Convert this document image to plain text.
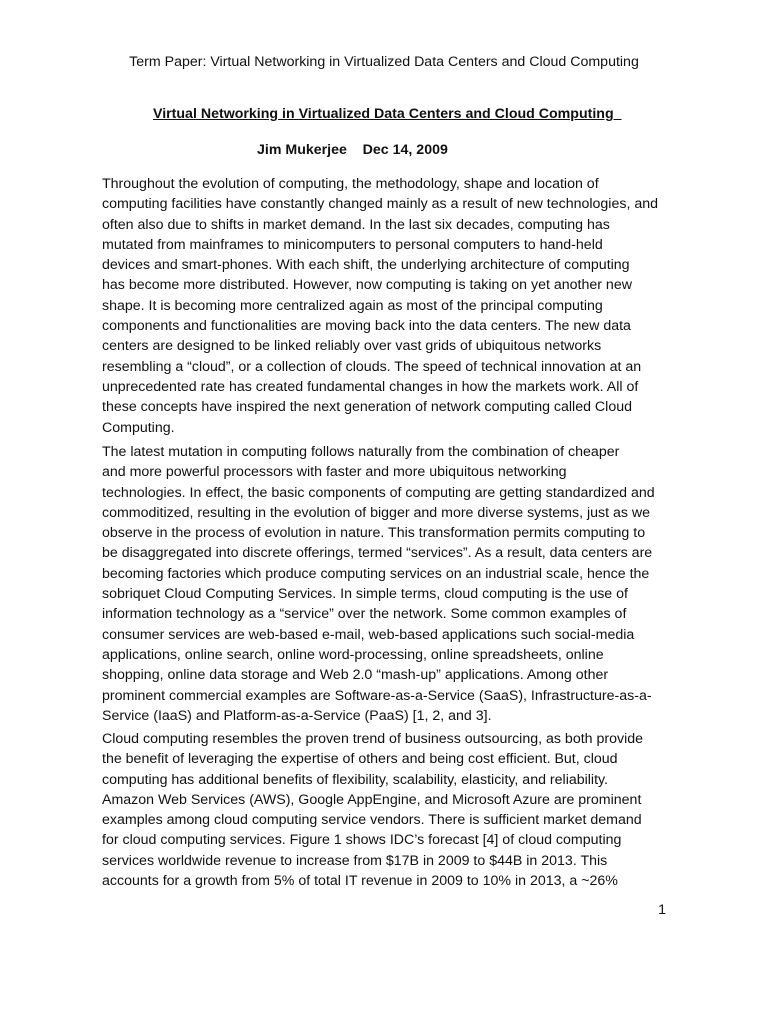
Term Paper: Virtual Networking in Virtualized Data Centers and Cloud Computing
Virtual Networking in Virtualized Data Centers and Cloud Computing
Jim Mukerjee    Dec 14, 2009
Throughout the evolution of computing, the methodology, shape and location of
computing facilities have constantly changed mainly as a result of new technologies, and
often also due to shifts in market demand. In the last six decades, computing has
mutated from mainframes to minicomputers to personal computers to hand-held
devices and smart-phones. With each shift, the underlying architecture of computing
has become more distributed. However, now computing is taking on yet another new
shape. It is becoming more centralized again as most of the principal computing
components and functionalities are moving back into the data centers. The new data
centers are designed to be linked reliably over vast grids of ubiquitous networks
resembling a “cloud”, or a collection of clouds. The speed of technical innovation at an
unprecedented rate has created fundamental changes in how the markets work. All of
these concepts have inspired the next generation of network computing called Cloud
Computing.
The latest mutation in computing follows naturally from the combination of cheaper
and more powerful processors with faster and more ubiquitous networking
technologies. In effect, the basic components of computing are getting standardized and
commoditized, resulting in the evolution of bigger and more diverse systems, just as we
observe in the process of evolution in nature. This transformation permits computing to
be disaggregated into discrete offerings, termed “services”. As a result, data centers are
becoming factories which produce computing services on an industrial scale, hence the
sobriquet Cloud Computing Services. In simple terms, cloud computing is the use of
information technology as a “service” over the network. Some common examples of
consumer services are web-based e-mail, web-based applications such social-media
applications, online search, online word-processing, online spreadsheets, online
shopping, online data storage and Web 2.0 “mash-up” applications. Among other
prominent commercial examples are Software-as-a-Service (SaaS), Infrastructure-as-a-
Service (IaaS) and Platform-as-a-Service (PaaS) [1, 2, and 3].
Cloud computing resembles the proven trend of business outsourcing, as both provide
the benefit of leveraging the expertise of others and being cost efficient. But, cloud
computing has additional benefits of flexibility, scalability, elasticity, and reliability.
Amazon Web Services (AWS), Google AppEngine, and Microsoft Azure are prominent
examples among cloud computing service vendors. There is sufficient market demand
for cloud computing services. Figure 1 shows IDC’s forecast [4] of cloud computing
services worldwide revenue to increase from $17B in 2009 to $44B in 2013. This
accounts for a growth from 5% of total IT revenue in 2009 to 10% in 2013, a ~26%
1
